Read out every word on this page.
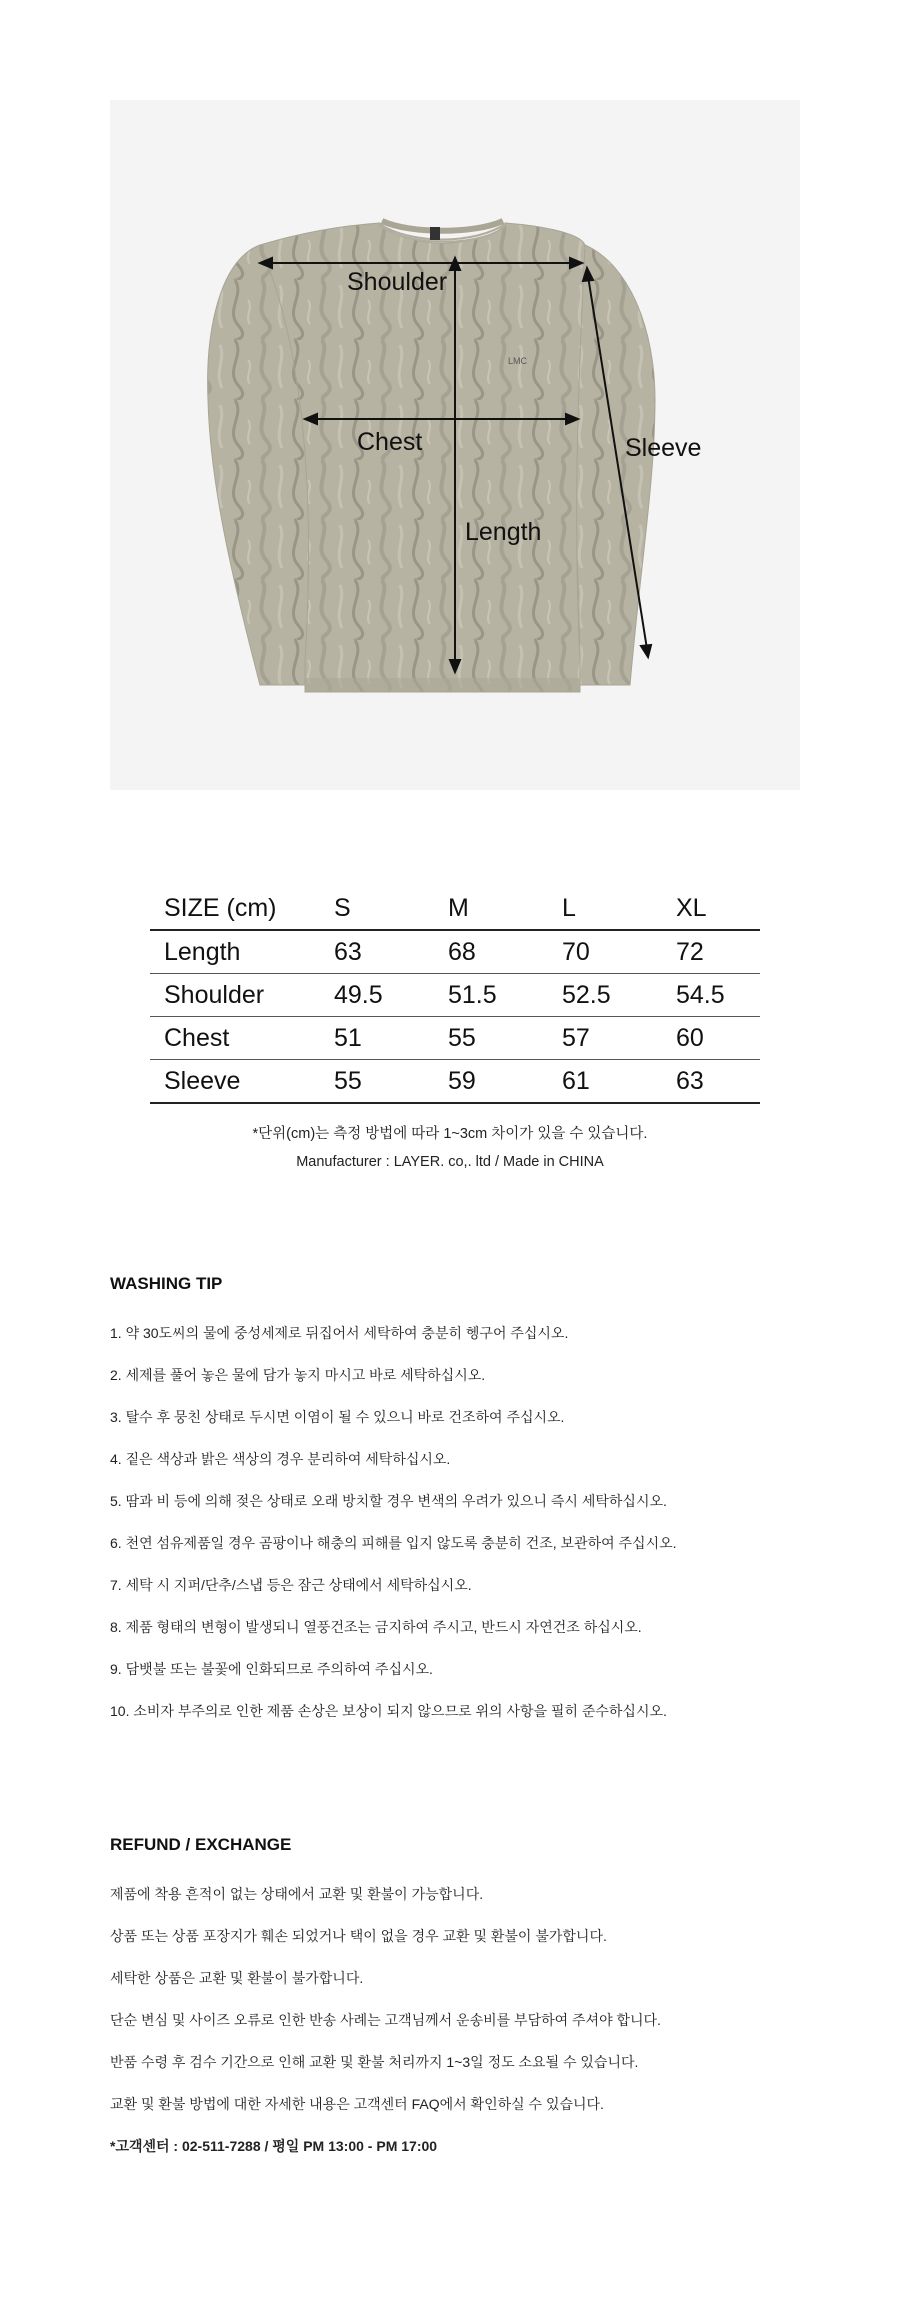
LMC
Shoulder
Chest
Length
Sleeve
SIZE (cm)	S	M	L	XL
Length	63	68	70	72
Shoulder	49.5	51.5	52.5	54.5
Chest	51	55	57	60
Sleeve	55	59	61	63
*단위(cm)는 측정 방법에 따라 1~3cm 차이가 있을 수 있습니다.
Manufacturer : LAYER. co,. ltd / Made in CHINA
WASHING TIP
1. 약 30도씨의 물에 중성세제로 뒤집어서 세탁하여 충분히 헹구어 주십시오.
2. 세제를 풀어 놓은 물에 담가 놓지 마시고 바로 세탁하십시오.
3. 탈수 후 뭉친 상태로 두시면 이염이 될 수 있으니 바로 건조하여 주십시오.
4. 짙은 색상과 밝은 색상의 경우 분리하여 세탁하십시오.
5. 땀과 비 등에 의해 젖은 상태로 오래 방치할 경우 변색의 우려가 있으니 즉시 세탁하십시오.
6. 천연 섬유제품일 경우 곰팡이나 해충의 피해를 입지 않도록 충분히 건조, 보관하여 주십시오.
7. 세탁 시 지퍼/단추/스냅 등은 잠근 상태에서 세탁하십시오.
8. 제품 형태의 변형이 발생되니 열풍건조는 금지하여 주시고, 반드시 자연건조 하십시오.
9. 담뱃불 또는 불꽃에 인화되므로 주의하여 주십시오.
10. 소비자 부주의로 인한 제품 손상은 보상이 되지 않으므로 위의 사항을 필히 준수하십시오.
REFUND / EXCHANGE
제품에 착용 흔적이 없는 상태에서 교환 및 환불이 가능합니다.
상품 또는 상품 포장지가 훼손 되었거나 택이 없을 경우 교환 및 환불이 불가합니다.
세탁한 상품은 교환 및 환불이 불가합니다.
단순 변심 및 사이즈 오류로 인한 반송 사례는 고객님께서 운송비를 부담하여 주셔야 합니다.
반품 수령 후 검수 기간으로 인해 교환 및 환불 처리까지 1~3일 정도 소요될 수 있습니다.
교환 및 환불 방법에 대한 자세한 내용은 고객센터 FAQ에서 확인하실 수 있습니다.
*고객센터 : 02-511-7288 / 평일 PM 13:00 - PM 17:00
